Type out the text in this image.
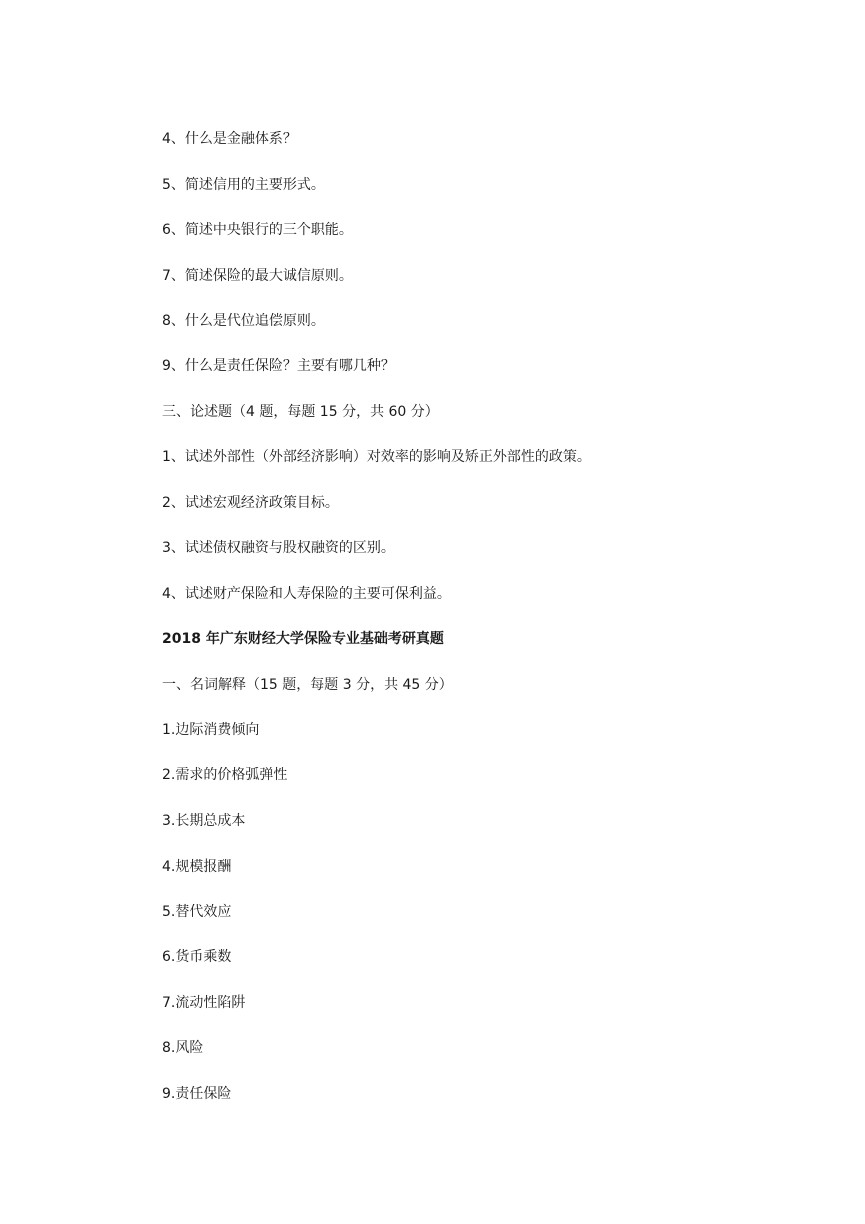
4、什么是金融体系？
5、简述信用的主要形式。
6、简述中央银行的三个职能。
7、简述保险的最大诚信原则。
8、什么是代位追偿原则。
9、什么是责任保险？主要有哪几种？
三、论述题（4 题，每题 15 分，共 60 分）
1、试述外部性（外部经济影响）对效率的影响及矫正外部性的政策。
2、试述宏观经济政策目标。
3、试述债权融资与股权融资的区别。
4、试述财产保险和人寿保险的主要可保利益。
2018 年广东财经大学保险专业基础考研真题
一、名词解释（15 题，每题 3 分，共 45 分）
1.边际消费倾向
2.需求的价格弧弹性
3.长期总成本
4.规模报酬
5.替代效应
6.货币乘数
7.流动性陷阱
8.风险
9.责任保险
